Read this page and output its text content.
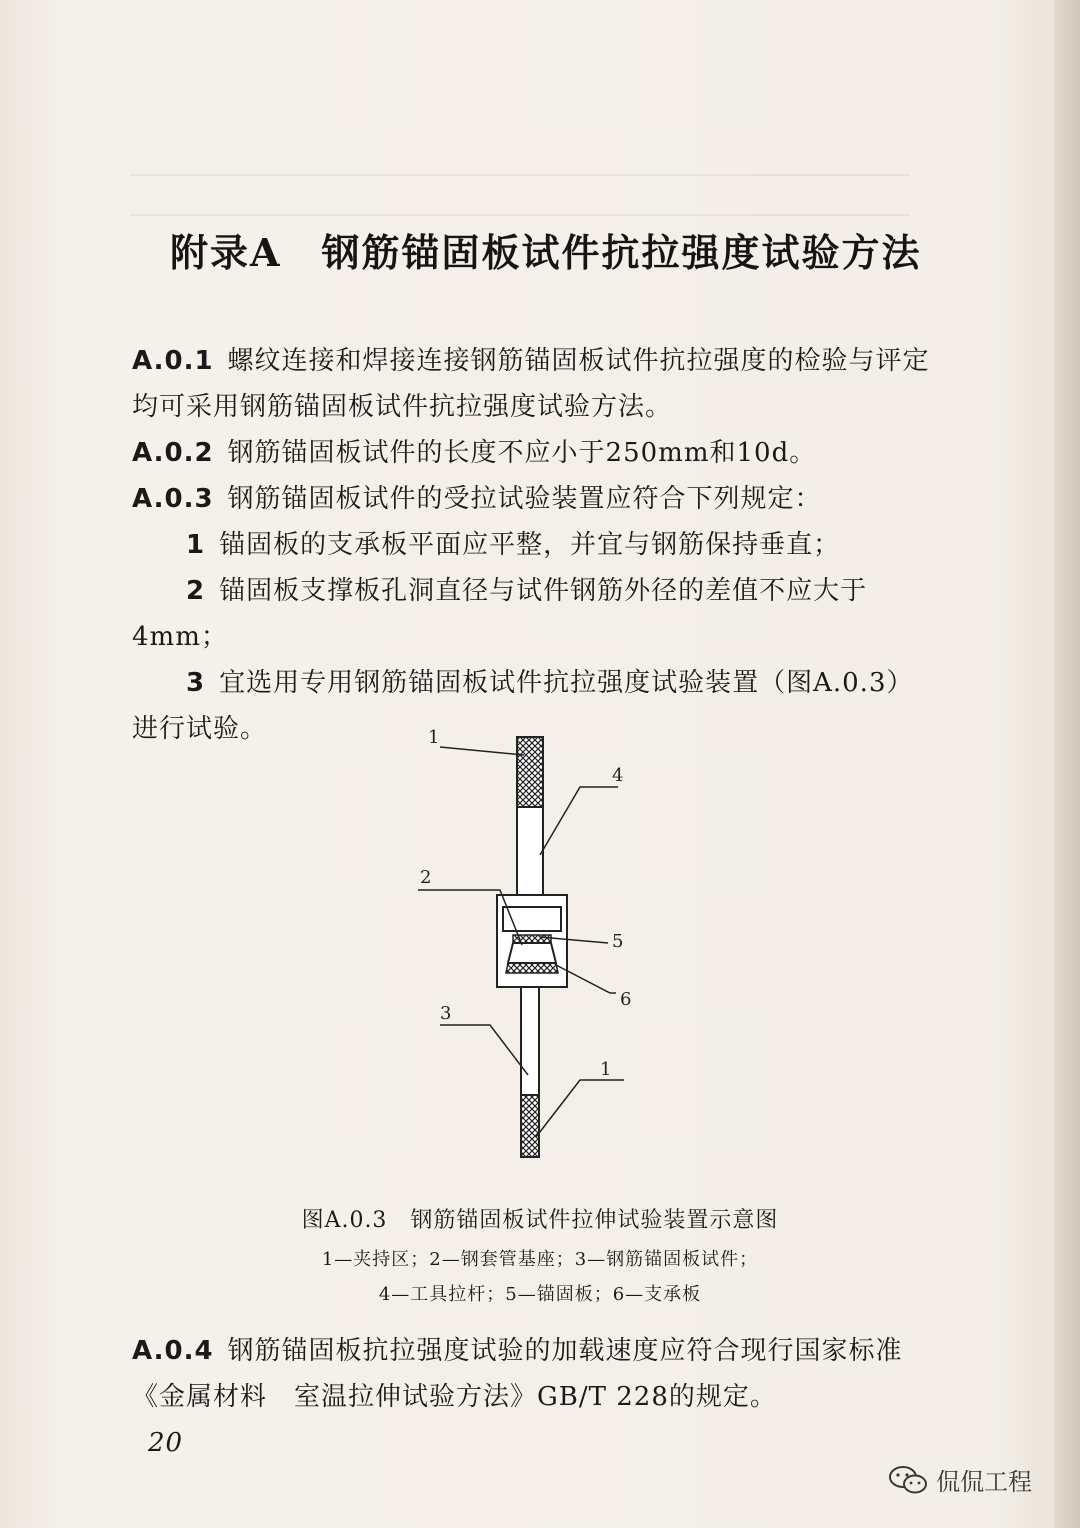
附录A　钢筋锚固板试件抗拉强度试验方法
A.0.1 螺纹连接和焊接连接钢筋锚固板试件抗拉强度的检验与评定均可采用钢筋锚固板试件抗拉强度试验方法。
A.0.2 钢筋锚固板试件的长度不应小于250mm和10d。
A.0.3 钢筋锚固板试件的受拉试验装置应符合下列规定：
1 锚固板的支承板平面应平整，并宜与钢筋保持垂直；
2 锚固板支撑板孔洞直径与试件钢筋外径的差值不应大于4mm；
3 宜选用专用钢筋锚固板试件抗拉强度试验装置（图A.0.3）进行试验。	1
4
2
5
6
3
1
图A.0.3　钢筋锚固板试件拉伸试验装置示意图
1—夹持区；2—钢套管基座；3—钢筋锚固板试件；
4—工具拉杆；5—锚固板；6—支承板
A.0.4 钢筋锚固板抗拉强度试验的加载速度应符合现行国家标准《金属材料　室温拉伸试验方法》GB/T 228的规定。
20
侃侃工程
